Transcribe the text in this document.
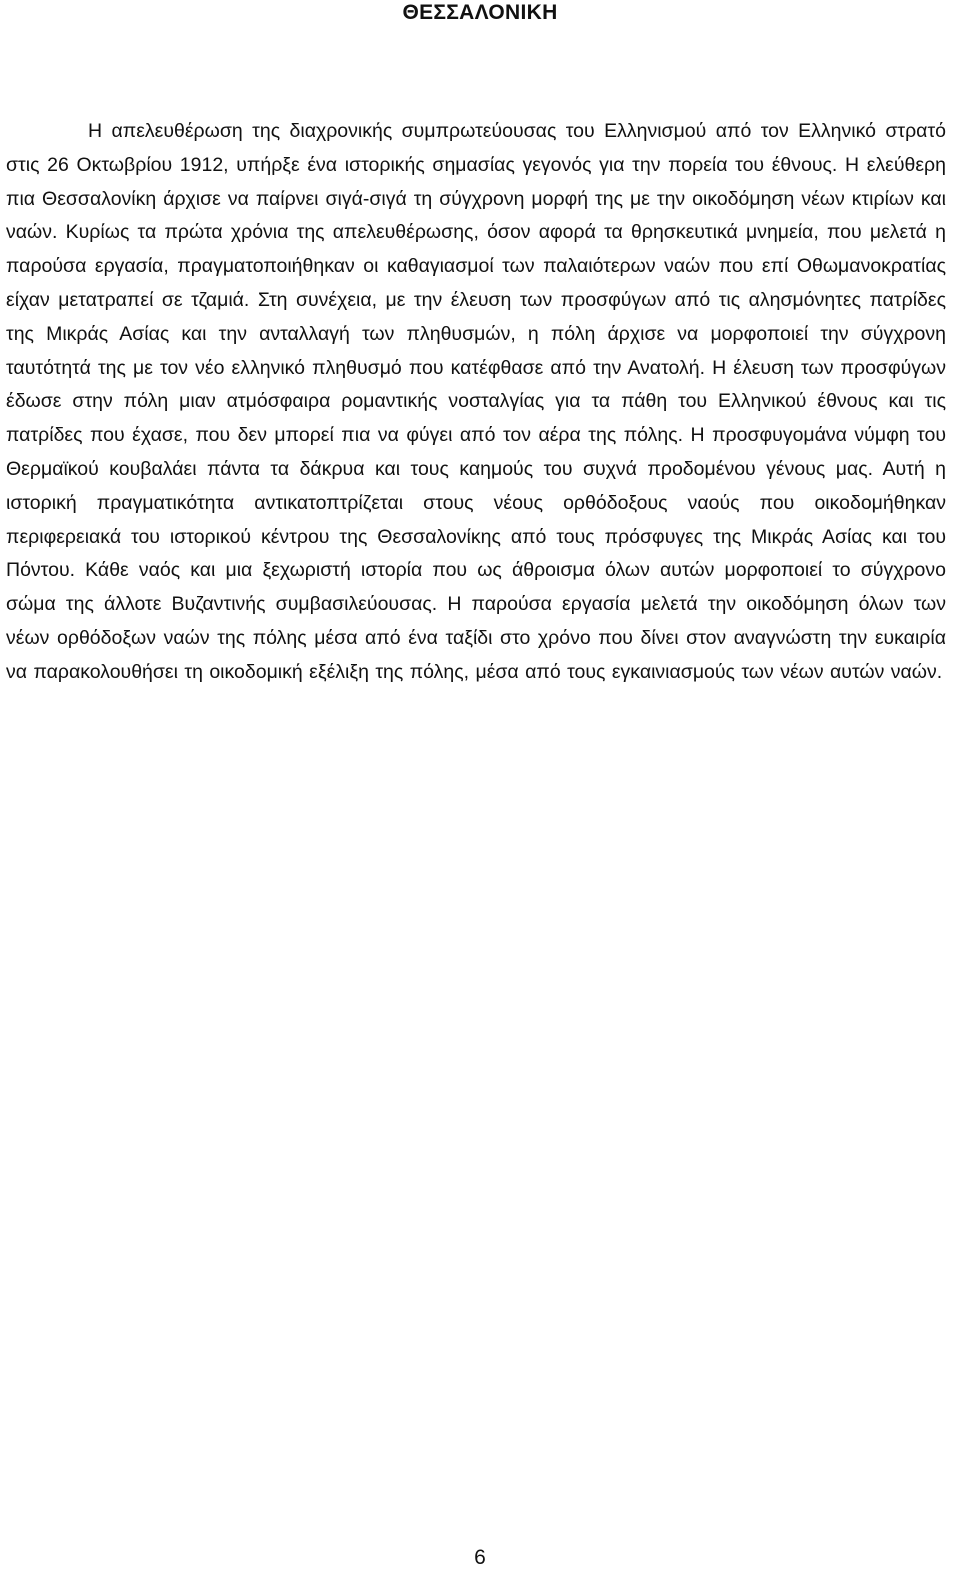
ΘΕΣΣΑΛΟΝΙΚΗ

Η απελευθέρωση της διαχρονικής συμπρωτεύουσας του Ελληνισμού από τον Ελληνικό στρατό στις 26 Οκτωβρίου 1912, υπήρξε ένα ιστορικής σημασίας γεγονός για την πορεία του έθνους. Η ελεύθερη πια Θεσσαλονίκη άρχισε να παίρνει σιγά-σιγά τη σύγχρονη μορφή της με την οικοδόμηση νέων κτιρίων και ναών. Κυρίως τα πρώτα χρόνια της απελευθέρωσης, όσον αφορά τα θρησκευτικά μνημεία, που μελετά η παρούσα εργασία, πραγματοποιήθηκαν οι καθαγιασμοί των παλαιότερων ναών που επί Οθωμανοκρατίας είχαν μετατραπεί σε τζαμιά. Στη συνέχεια, με την έλευση των προσφύγων από τις αλησμόνητες πατρίδες της Μικράς Ασίας και την ανταλλαγή των πληθυσμών, η πόλη άρχισε να μορφοποιεί την σύγχρονη ταυτότητά της με τον νέο ελληνικό πληθυσμό που κατέφθασε από την Ανατολή. Η έλευση των προσφύγων έδωσε στην πόλη μιαν ατμόσφαιρα ρομαντικής νοσταλγίας για τα πάθη του Ελληνικού έθνους και τις πατρίδες που έχασε, που δεν μπορεί πια να φύγει από τον αέρα της πόλης. Η προσφυγομάνα νύμφη του Θερμαϊκού κουβαλάει πάντα τα δάκρυα και τους καημούς του συχνά προδομένου γένους μας. Αυτή η ιστορική πραγματικότητα αντικατοπτρίζεται στους νέους ορθόδοξους ναούς που οικοδομήθηκαν περιφερειακά του ιστορικού κέντρου της Θεσσαλονίκης από τους πρόσφυγες της Μικράς Ασίας και του Πόντου. Κάθε ναός και μια ξεχωριστή ιστορία που ως άθροισμα όλων αυτών μορφοποιεί το σύγχρονο σώμα της άλλοτε Βυζαντινής συμβασιλεύουσας. Η παρούσα εργασία μελετά την οικοδόμηση όλων των νέων ορθόδοξων ναών της πόλης μέσα από ένα ταξίδι στο χρόνο που δίνει στον αναγνώστη την ευκαιρία να παρακολουθήσει τη οικοδομική εξέλιξη της πόλης, μέσα από τους εγκαινιασμούς των νέων αυτών ναών.

6
